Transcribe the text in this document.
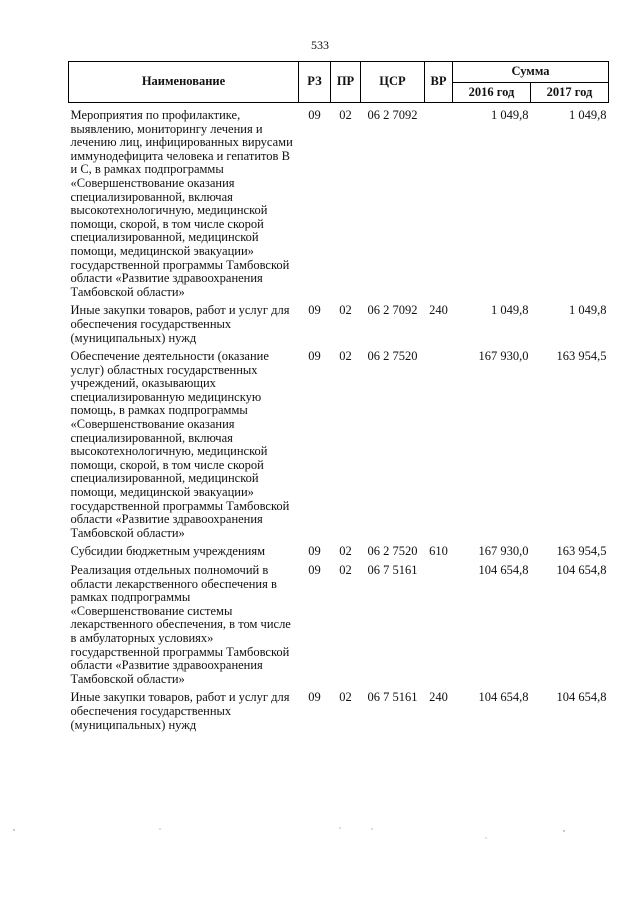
533
Наименование	РЗ	ПР	ЦСР	ВР	Сумма	
					2016 год	2017 год
Мероприятия по профилактике, выявлению, мониторингу лечения и лечению лиц, инфицированных вирусами иммунодефицита человека и гепатитов В и С, в рамках подпрограммы «Совершенствование оказания специализированной, включая высокотехнологичную, медицинской помощи, скорой, в том числе скорой специализированной, медицинской помощи, медицинской эвакуации» государственной программы Тамбовской области «Развитие здравоохранения Тамбовской области»	09	02	06 2 7092		1 049,8	1 049,8
Иные закупки товаров, работ и услуг для обеспечения государственных (муниципальных) нужд	09	02	06 2 7092	240	1 049,8	1 049,8
Обеспечение деятельности (оказание услуг) областных государственных учреждений, оказывающих специализированную медицинскую помощь, в рамках подпрограммы «Совершенствование оказания специализированной, включая высокотехнологичную, медицинской помощи, скорой, в том числе скорой специализированной, медицинской помощи, медицинской эвакуации» государственной программы Тамбовской области «Развитие здравоохранения Тамбовской области»	09	02	06 2 7520		167 930,0	163 954,5
Субсидии бюджетным учреждениям	09	02	06 2 7520	610	167 930,0	163 954,5
Реализация отдельных полномочий в области лекарственного обеспечения в рамках подпрограммы «Совершенствование системы лекарственного обеспечения, в том числе в амбулаторных условиях» государственной программы Тамбовской области «Развитие здравоохранения Тамбовской области»	09	02	06 7 5161		104 654,8	104 654,8
Иные закупки товаров, работ и услуг для обеспечения государственных (муниципальных) нужд	09	02	06 7 5161	240	104 654,8	104 654,8
